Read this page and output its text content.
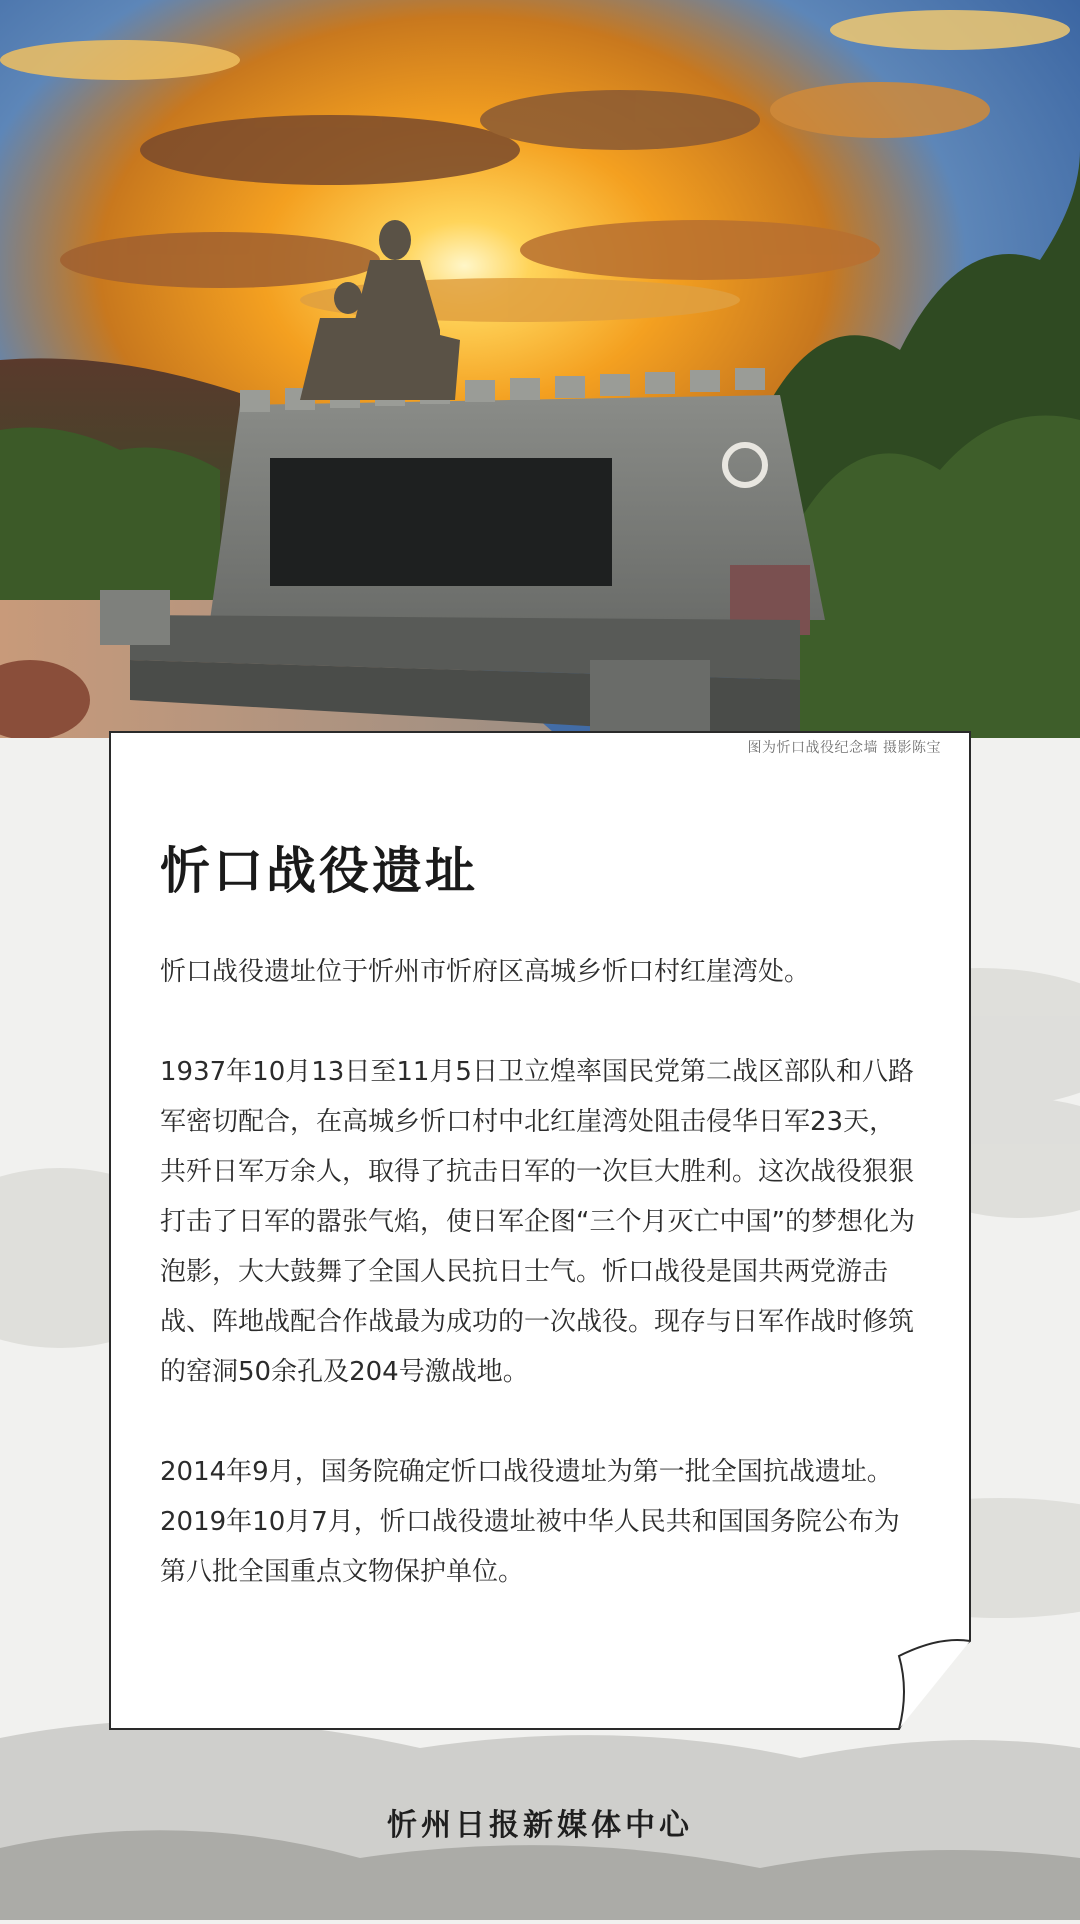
图为忻口战役纪念墙 摄影陈宝
忻口战役遗址

忻口战役遗址位于忻州市忻府区高城乡忻口村红崖湾处。

1937年10月13日至11月5日卫立煌率国民党第二战区部队和八路军密切配合，在高城乡忻口村中北红崖湾处阻击侵华日军23天，共歼日军万余人，取得了抗击日军的一次巨大胜利。这次战役狠狠打击了日军的嚣张气焰，使日军企图“三个月灭亡中国”的梦想化为泡影，大大鼓舞了全国人民抗日士气。忻口战役是国共两党游击战、阵地战配合作战最为成功的一次战役。现存与日军作战时修筑的窑洞50余孔及204号激战地。

2014年9月，国务院确定忻口战役遗址为第一批全国抗战遗址。2019年10月7月，忻口战役遗址被中华人民共和国国务院公布为第八批全国重点文物保护单位。

忻州日报新媒体中心
